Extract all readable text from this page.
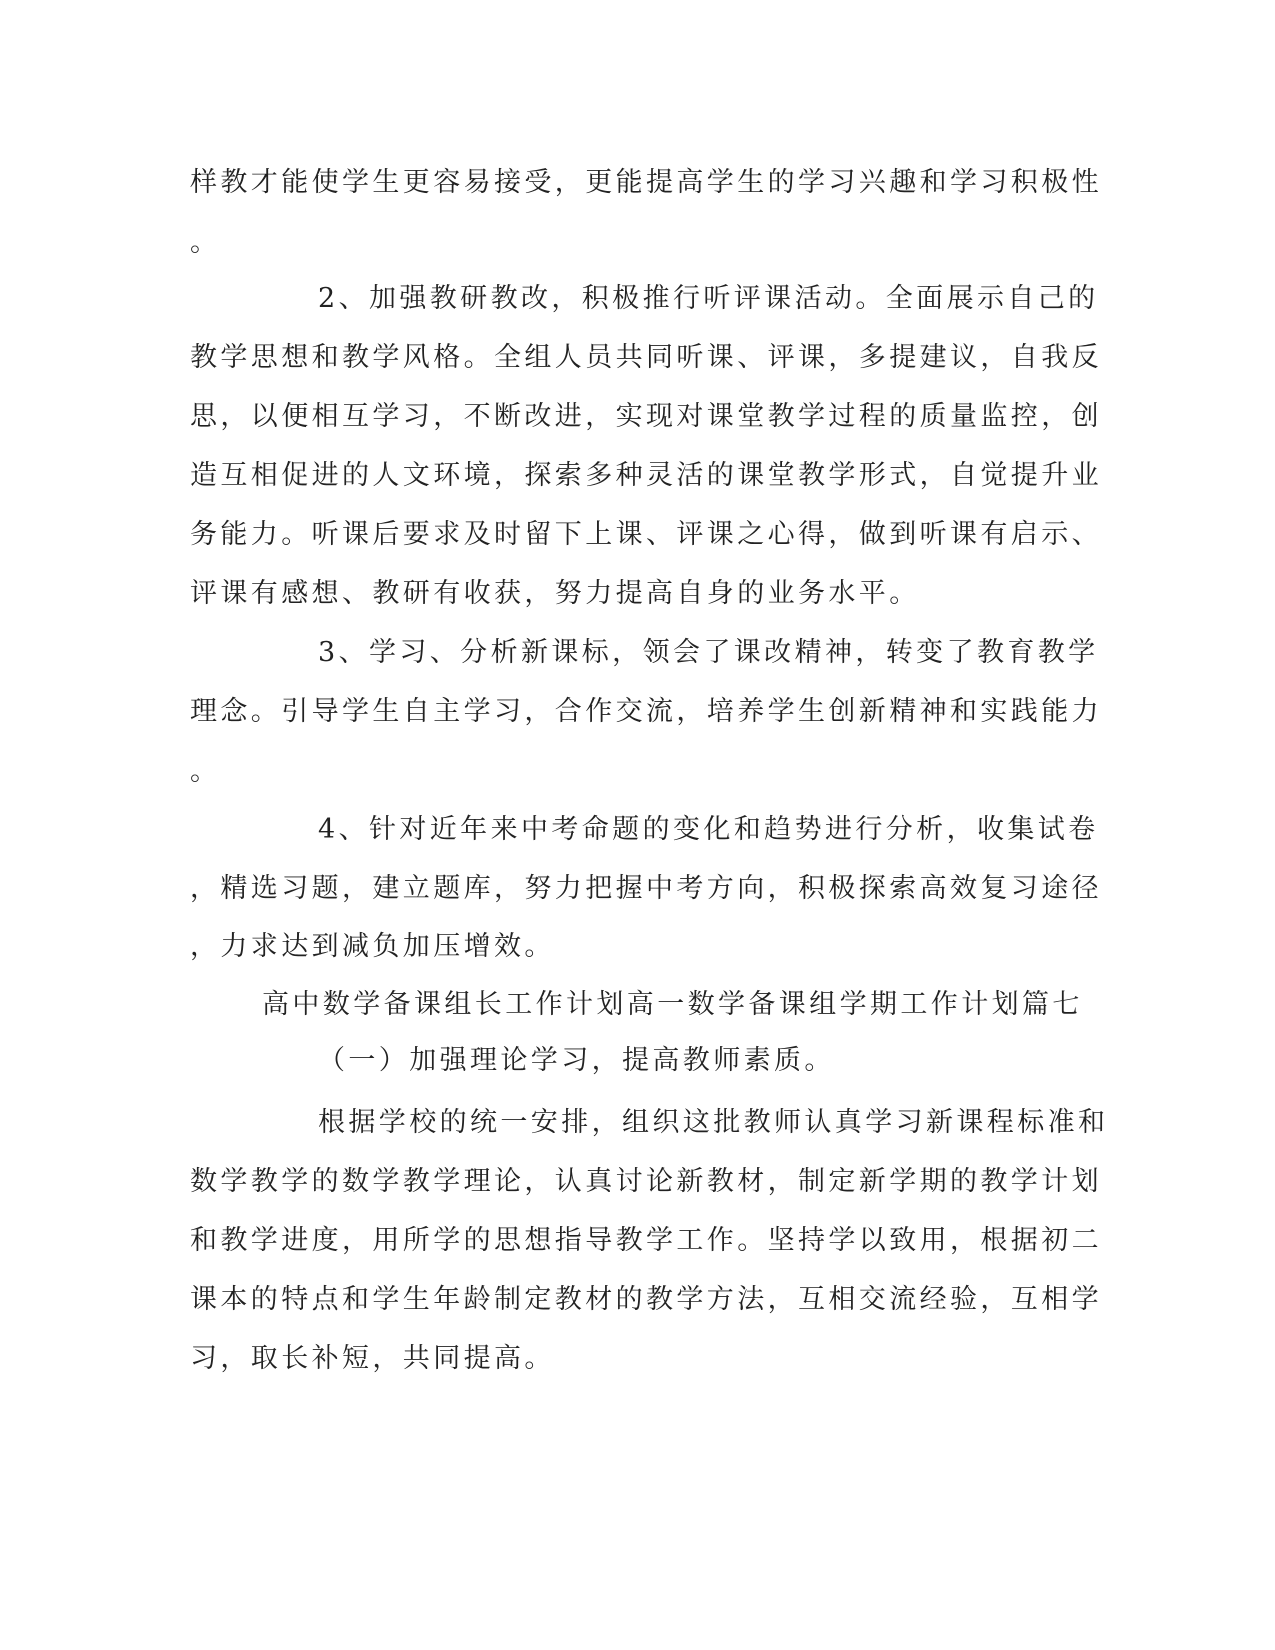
样教才能使学生更容易接受，更能提高学生的学习兴趣和学习积极性
。
2、加强教研教改，积极推行听评课活动。全面展示自己的
教学思想和教学风格。全组人员共同听课、评课，多提建议，自我反
思，以便相互学习，不断改进，实现对课堂教学过程的质量监控，创
造互相促进的人文环境，探索多种灵活的课堂教学形式，自觉提升业
务能力。听课后要求及时留下上课、评课之心得，做到听课有启示、
评课有感想、教研有收获，努力提高自身的业务水平。
3、学习、分析新课标，领会了课改精神，转变了教育教学
理念。引导学生自主学习，合作交流，培养学生创新精神和实践能力
。
4、针对近年来中考命题的变化和趋势进行分析，收集试卷
，精选习题，建立题库，努力把握中考方向，积极探索高效复习途径
，力求达到减负加压增效。
高中数学备课组长工作计划高一数学备课组学期工作计划篇七
（一）加强理论学习，提高教师素质。
根据学校的统一安排，组织这批教师认真学习新课程标准和
数学教学的数学教学理论，认真讨论新教材，制定新学期的教学计划
和教学进度，用所学的思想指导教学工作。坚持学以致用，根据初二
课本的特点和学生年龄制定教材的教学方法，互相交流经验，互相学
习，取长补短，共同提高。
